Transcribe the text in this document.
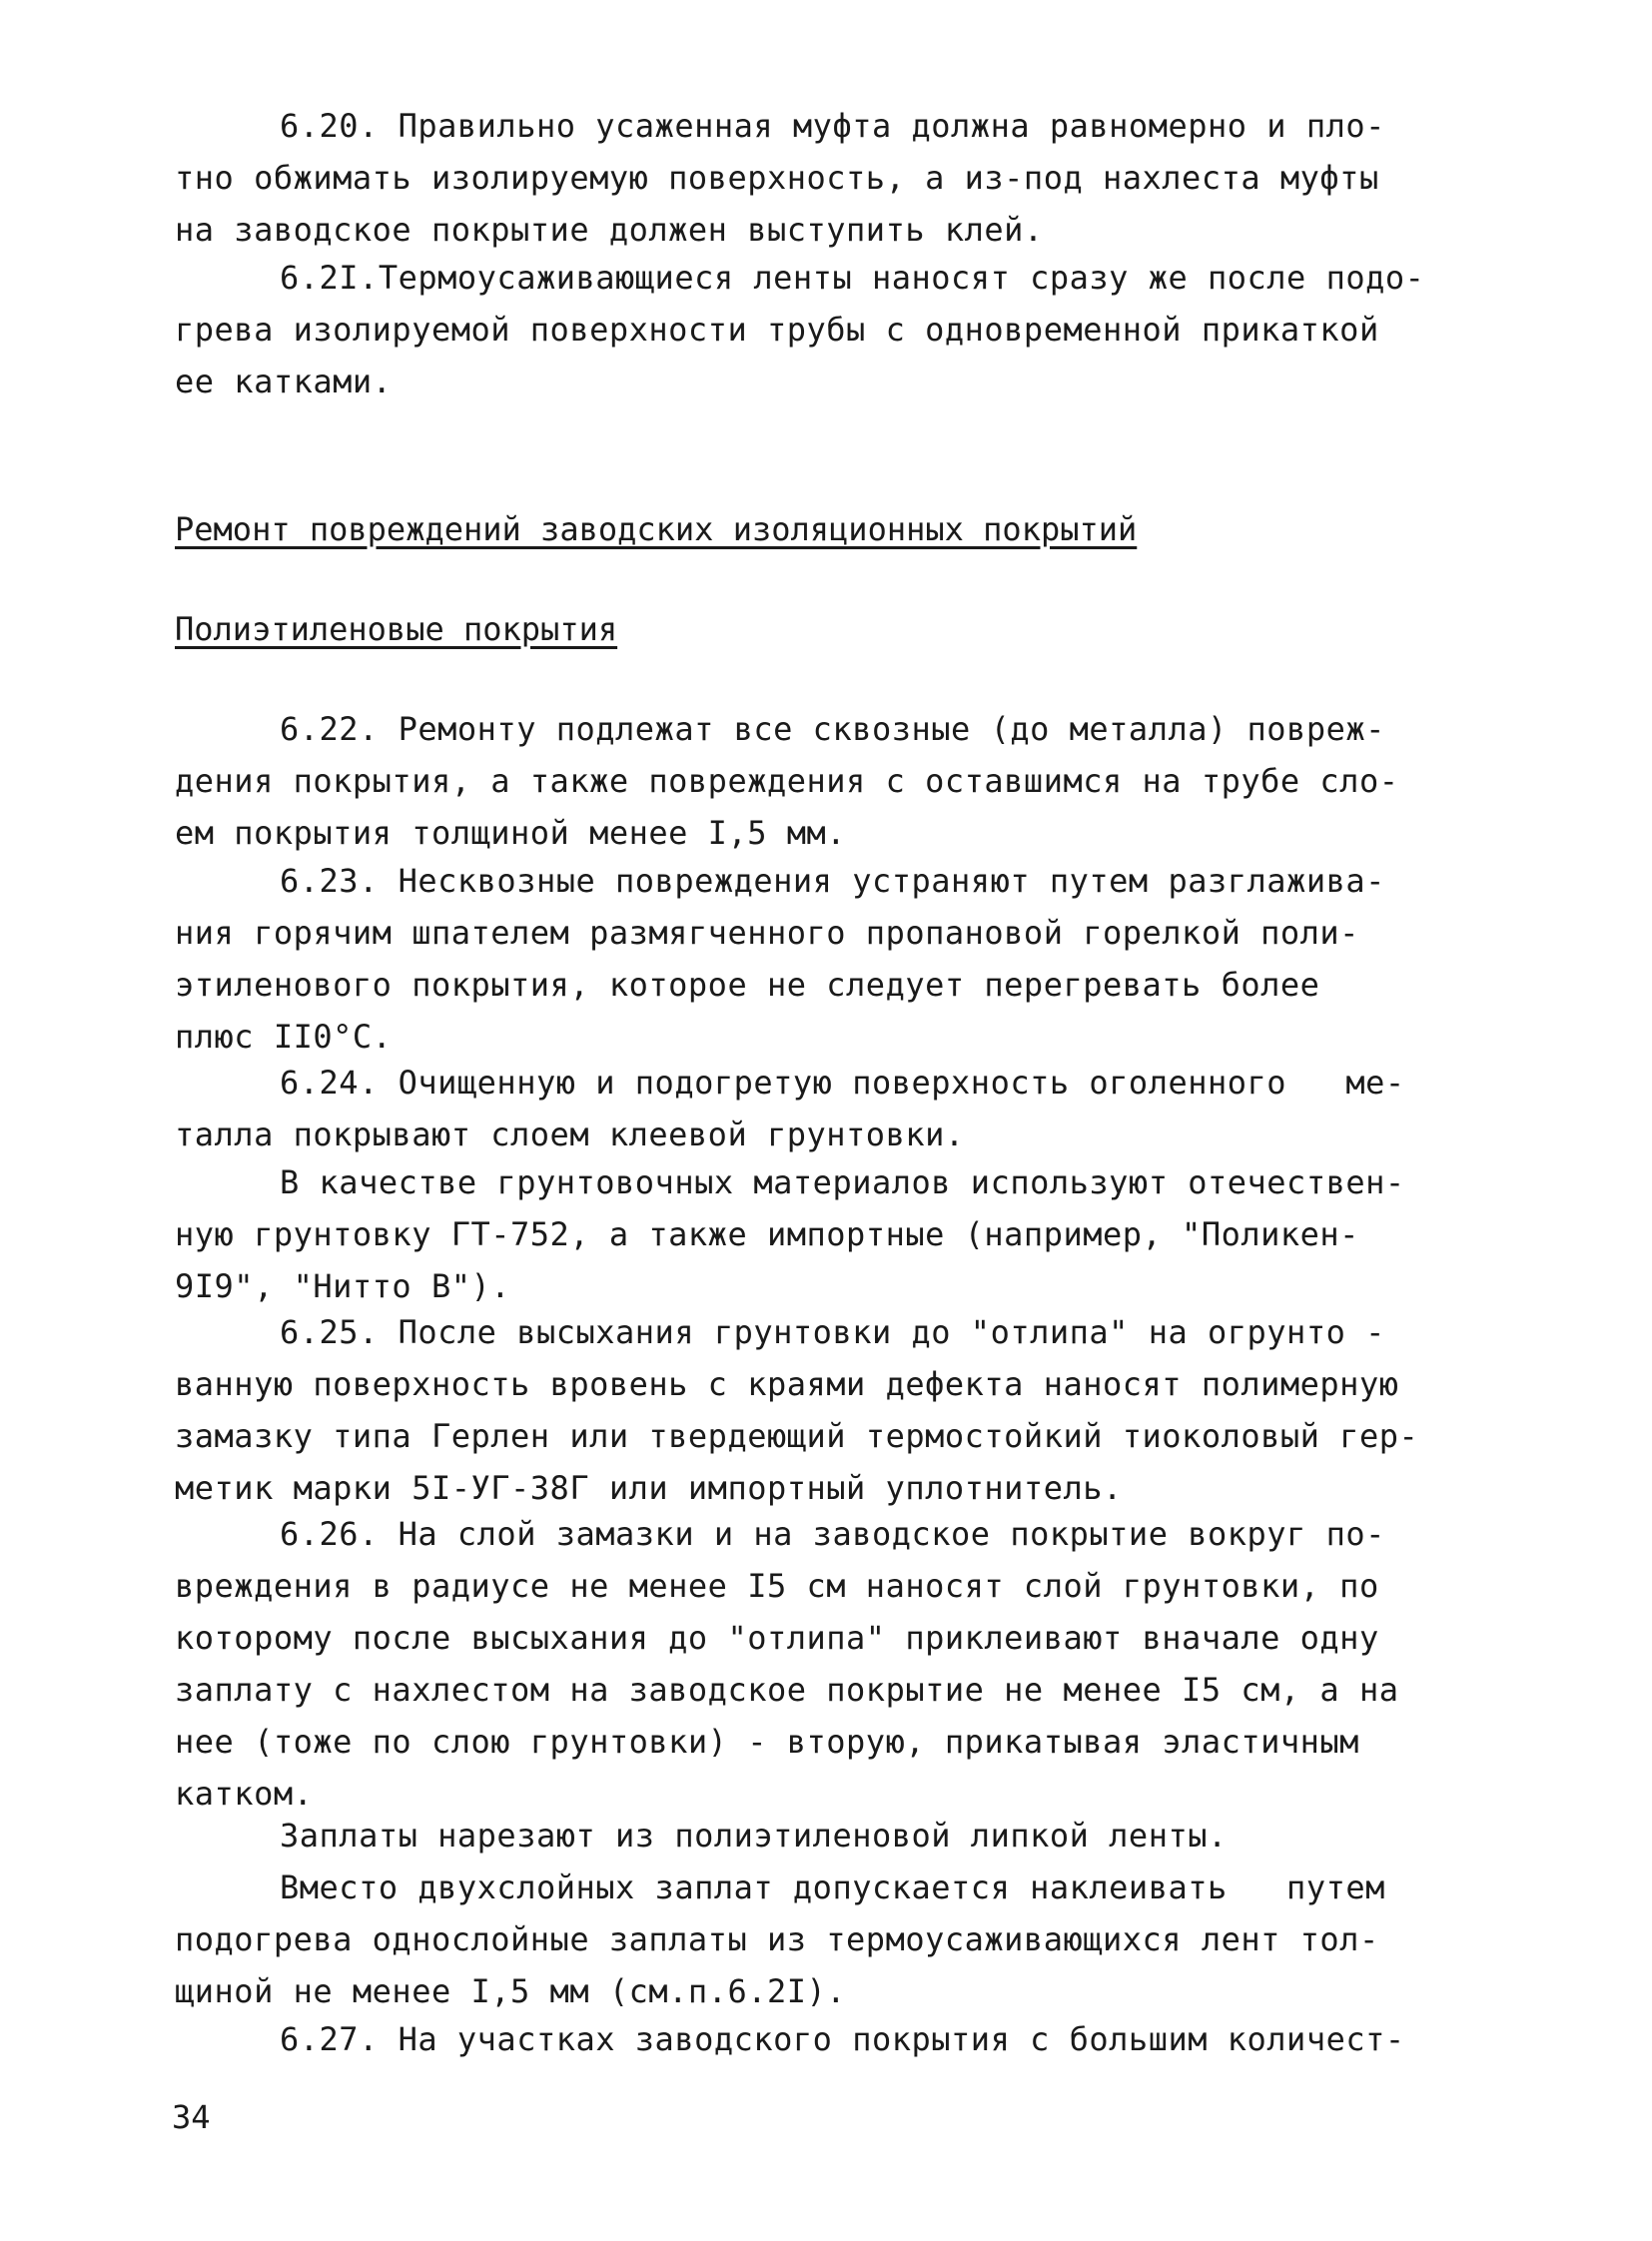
6.20. Правильно усаженная муфта должна равномерно и пло-
тно обжимать изолируемую поверхность, а из-под нахлеста муфты
на заводское покрытие должен выступить клей.
6.2I.Термоусаживающиеся ленты наносят сразу же после подо-
грева изолируемой поверхности трубы с одновременной прикаткой
ее катками.
Ремонт повреждений заводских изоляционных покрытий
Полиэтиленовые покрытия
6.22. Ремонту подлежат все сквозные (до металла) повреж-
дения покрытия, а также повреждения с оставшимся на трубе сло-
ем покрытия толщиной менее I,5 мм.
6.23. Несквозные повреждения устраняют путем разглажива-
ния горячим шпателем размягченного пропановой горелкой поли-
этиленового покрытия, которое не следует перегревать более
плюс II0°С.
6.24. Очищенную и подогретую поверхность оголенного   ме-
талла покрывают слоем клеевой грунтовки.
В качестве грунтовочных материалов используют отечествен-
ную грунтовку ГТ-752, а также импортные (например, "Поликен-
9I9", "Нитто В").
6.25. После высыхания грунтовки до "отлипа" на огрунто -
ванную поверхность вровень с краями дефекта наносят полимерную
замазку типа Герлен или твердеющий термостойкий тиоколовый гер-
метик марки 5I-УГ-38Г или импортный уплотнитель.
6.26. На слой замазки и на заводское покрытие вокруг по-
вреждения в радиусе не менее I5 см наносят слой грунтовки, по
которому после высыхания до "отлипа" приклеивают вначале одну
заплату с нахлестом на заводское покрытие не менее I5 см, а на
нее (тоже по слою грунтовки) - вторую, прикатывая эластичным
катком.
Заплаты нарезают из полиэтиленовой липкой ленты.
Вместо двухслойных заплат допускается наклеивать   путем
подогрева однослойные заплаты из термоусаживающихся лент тол-
щиной не менее I,5 мм (см.п.6.2I).
6.27. На участках заводского покрытия с большим количест-
34
